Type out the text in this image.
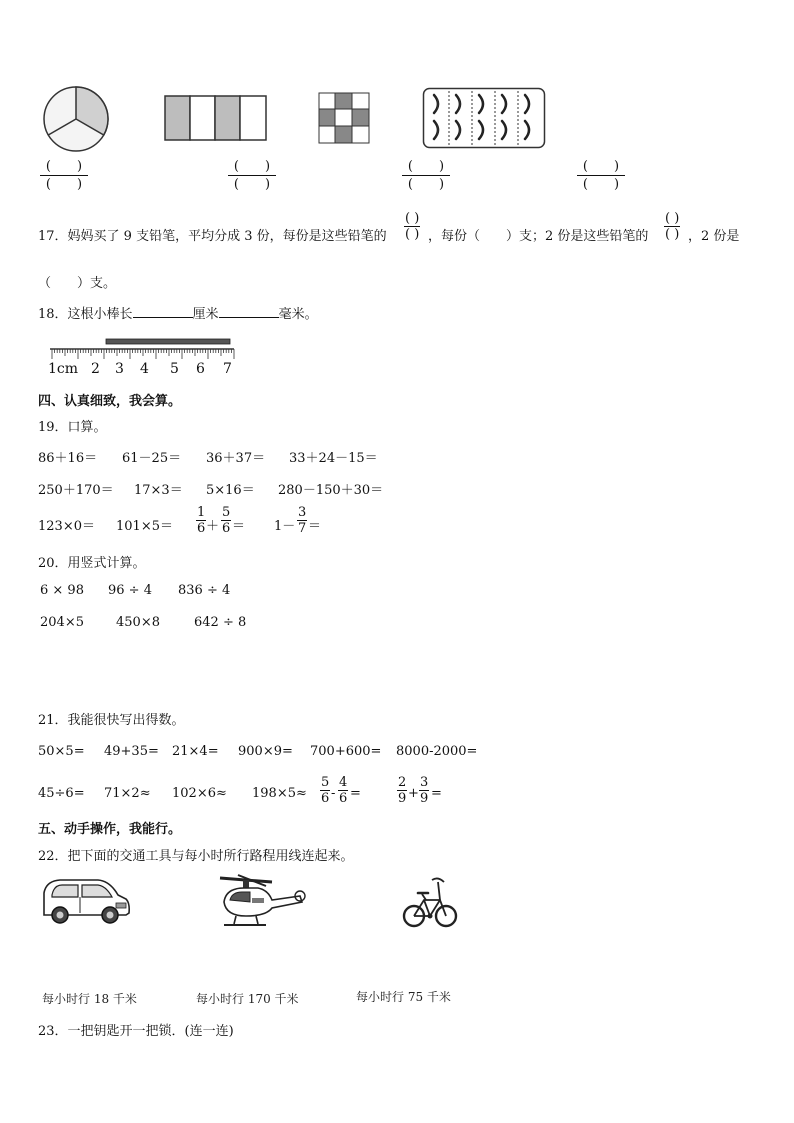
(　　)
(　　)
(　　)
(　　)
(　　)
(　　)
(　　)
(　　)
17．妈妈买了 9 支铅笔，平均分成 3 份，每份是这些铅笔的
( )
( ) ，每份（　　）支；2 份是这些铅笔的
( )
( ) ，2 份是
（　　）支。
18．这根小棒长	厘米	毫米。
1cm 2 3 4 5 6 7
四、认真细致，我会算。
19．口算。
86＋16＝ 61－25＝ 36＋37＝ 33＋24－15＝
250＋170＝ 17×3＝ 5×16＝ 280－150＋30＝
123×0＝ 101×5＝
1
6 ＋
5
6 ＝ 1－
3
7 ＝
20．用竖式计算。
6 × 98 96 ÷ 4 836 ÷ 4
204×5 450×8	642 ÷ 8
21．我能很快写出得数。
50×5= 49+35= 21×4= 900×9= 700+600= 8000-2000=
45÷6= 71×2≈ 102×6≈ 198×5≈
5
6 -
4
6 =
2
9 +
3
9 =
五、动手操作，我能行。
22．把下面的交通工具与每小时所行路程用线连起来。
每小时行 18 千米	每小时行 170 千米	每小时行 75 千米
23．一把钥匙开一把锁．(连一连)
